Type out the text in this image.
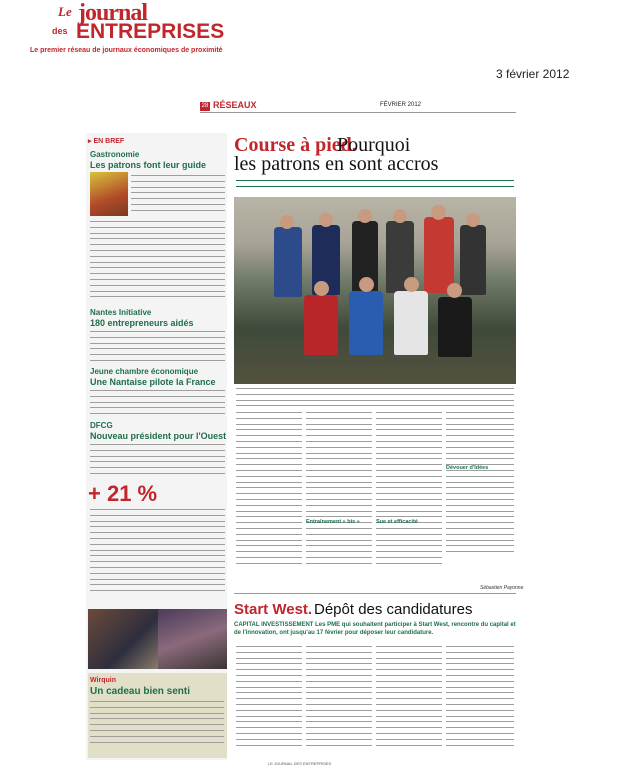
Le journal
des ENTREPRISES
Le premier réseau de journaux économiques de proximité
3 février 2012
28 RÉSEAUX	FÉVRIER 2012
▸ EN BREF
Gastronomie
Les patrons font leur guide
Nantes Initiative
180 entrepreneurs aidés
Jeune chambre économique
Une Nantaise pilote la France
DFCG
Nouveau président pour l'Ouest
+ 21 %
Wirquin
Un cadeau bien senti
Course à pied.
Pourquoi
les patrons en sont accros
Entraînement « bis »	Sue et efficacité
Dévouer d'Idées
Sébastien Payonne
Start West. Dépôt des candidatures
CAPITAL INVESTISSEMENT Les PME qui souhaitent participer à Start West, rencontre du capital et de l'innovation, ont jusqu'au 17 février pour déposer leur candidature.
LE JOURNAL DES ENTREPRISES
